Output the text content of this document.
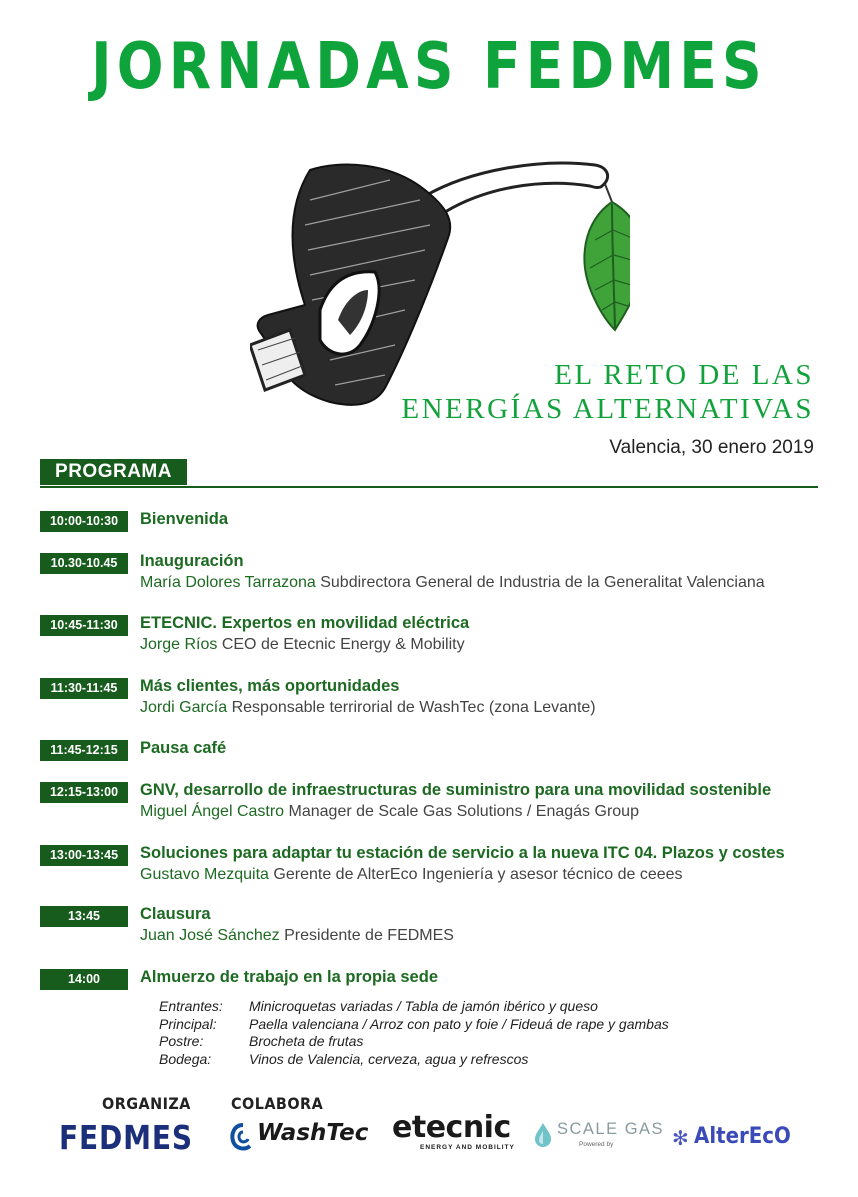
JORNADAS FEDMES
EL RETO DE LAS
ENERGÍAS ALTERNATIVAS
Valencia, 30 enero 2019
PROGRAMA
10:00-10:30	Bienvenida
10.30-10.45	Inauguración
María Dolores Tarrazona Subdirectora General de Industria de la Generalitat Valenciana
10:45-11:30	ETECNIC. Expertos en movilidad eléctrica
Jorge Ríos CEO de Etecnic Energy & Mobility
11:30-11:45	Más clientes, más oportunidades
Jordi García Responsable terrirorial de WashTec (zona Levante)
11:45-12:15	Pausa café
12:15-13:00	GNV, desarrollo de infraestructuras de suministro para una movilidad sostenible
Miguel Ángel Castro Manager de Scale Gas Solutions / Enagás Group
13:00-13:45	Soluciones para adaptar tu estación de servicio a la nueva ITC 04. Plazos y costes
Gustavo Mezquita Gerente de AlterEco Ingeniería y asesor técnico de ceees
13:45	Clausura
Juan José Sánchez Presidente de FEDMES
14:00	Almuerzo de trabajo en la propia sede
Entrantes: Minicroquetas variadas / Tabla de jamón ibérico y queso
Principal: Paella valenciana / Arroz con pato y foie / Fideuá de rape y gambas
Postre:	Brocheta de frutas
Bodega:	Vinos de Valencia, cerveza, agua y refrescos
ORGANIZA	COLABORA
FEDMES	WashTec etecnic
ENERGY AND MOBILITY
SCALE GAS
Powered by	✻ AlterEcO
